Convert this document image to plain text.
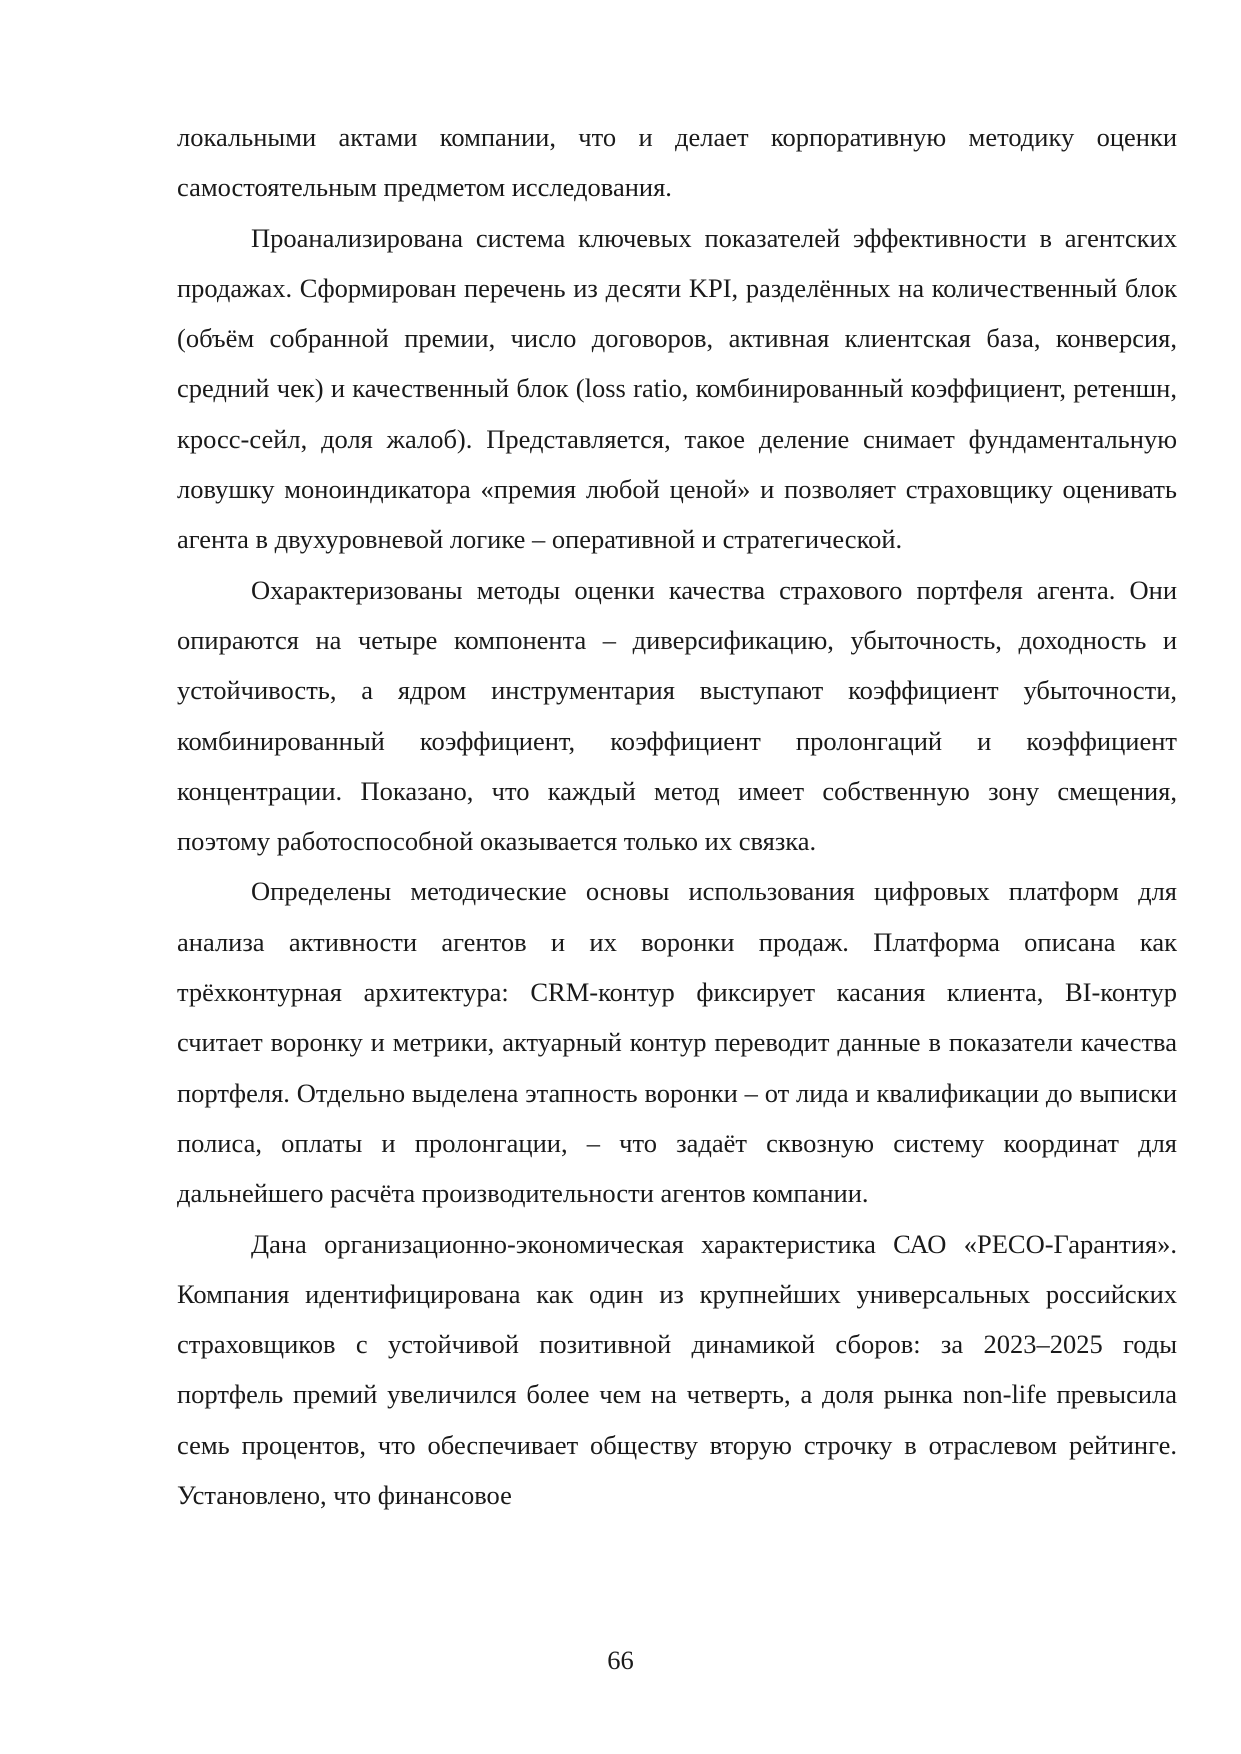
локальными актами компании, что и делает корпоративную методику оценки самостоятельным предметом исследования.

Проанализирована система ключевых показателей эффективности в агентских продажах. Сформирован перечень из десяти KPI, разделённых на количественный блок (объём собранной премии, число договоров, активная клиентская база, конверсия, средний чек) и качественный блок (loss ratio, комбинированный коэффициент, ретеншн, кросс-сейл, доля жалоб). Представляется, такое деление снимает фундаментальную ловушку моноиндикатора «премия любой ценой» и позволяет страховщику оценивать агента в двухуровневой логике – оперативной и стратегической.

Охарактеризованы методы оценки качества страхового портфеля агента. Они опираются на четыре компонента – диверсификацию, убыточность, доходность и устойчивость, а ядром инструментария выступают коэффициент убыточности, комбинированный коэффициент, коэффициент пролонгаций и коэффициент концентрации. Показано, что каждый метод имеет собственную зону смещения, поэтому работоспособной оказывается только их связка.

Определены методические основы использования цифровых платформ для анализа активности агентов и их воронки продаж. Платформа описана как трёхконтурная архитектура: CRM-контур фиксирует касания клиента, BI-контур считает воронку и метрики, актуарный контур переводит данные в показатели качества портфеля. Отдельно выделена этапность воронки – от лида и квалификации до выписки полиса, оплаты и пролонгации, – что задаёт сквозную систему координат для дальнейшего расчёта производительности агентов компании.

Дана организационно-экономическая характеристика САО «РЕСО-Гарантия». Компания идентифицирована как один из крупнейших универсальных российских страховщиков с устойчивой позитивной динамикой сборов: за 2023–2025 годы портфель премий увеличился более чем на четверть, а доля рынка non-life превысила семь процентов, что обеспечивает обществу вторую строчку в отраслевом рейтинге. Установлено, что финансовое

66
